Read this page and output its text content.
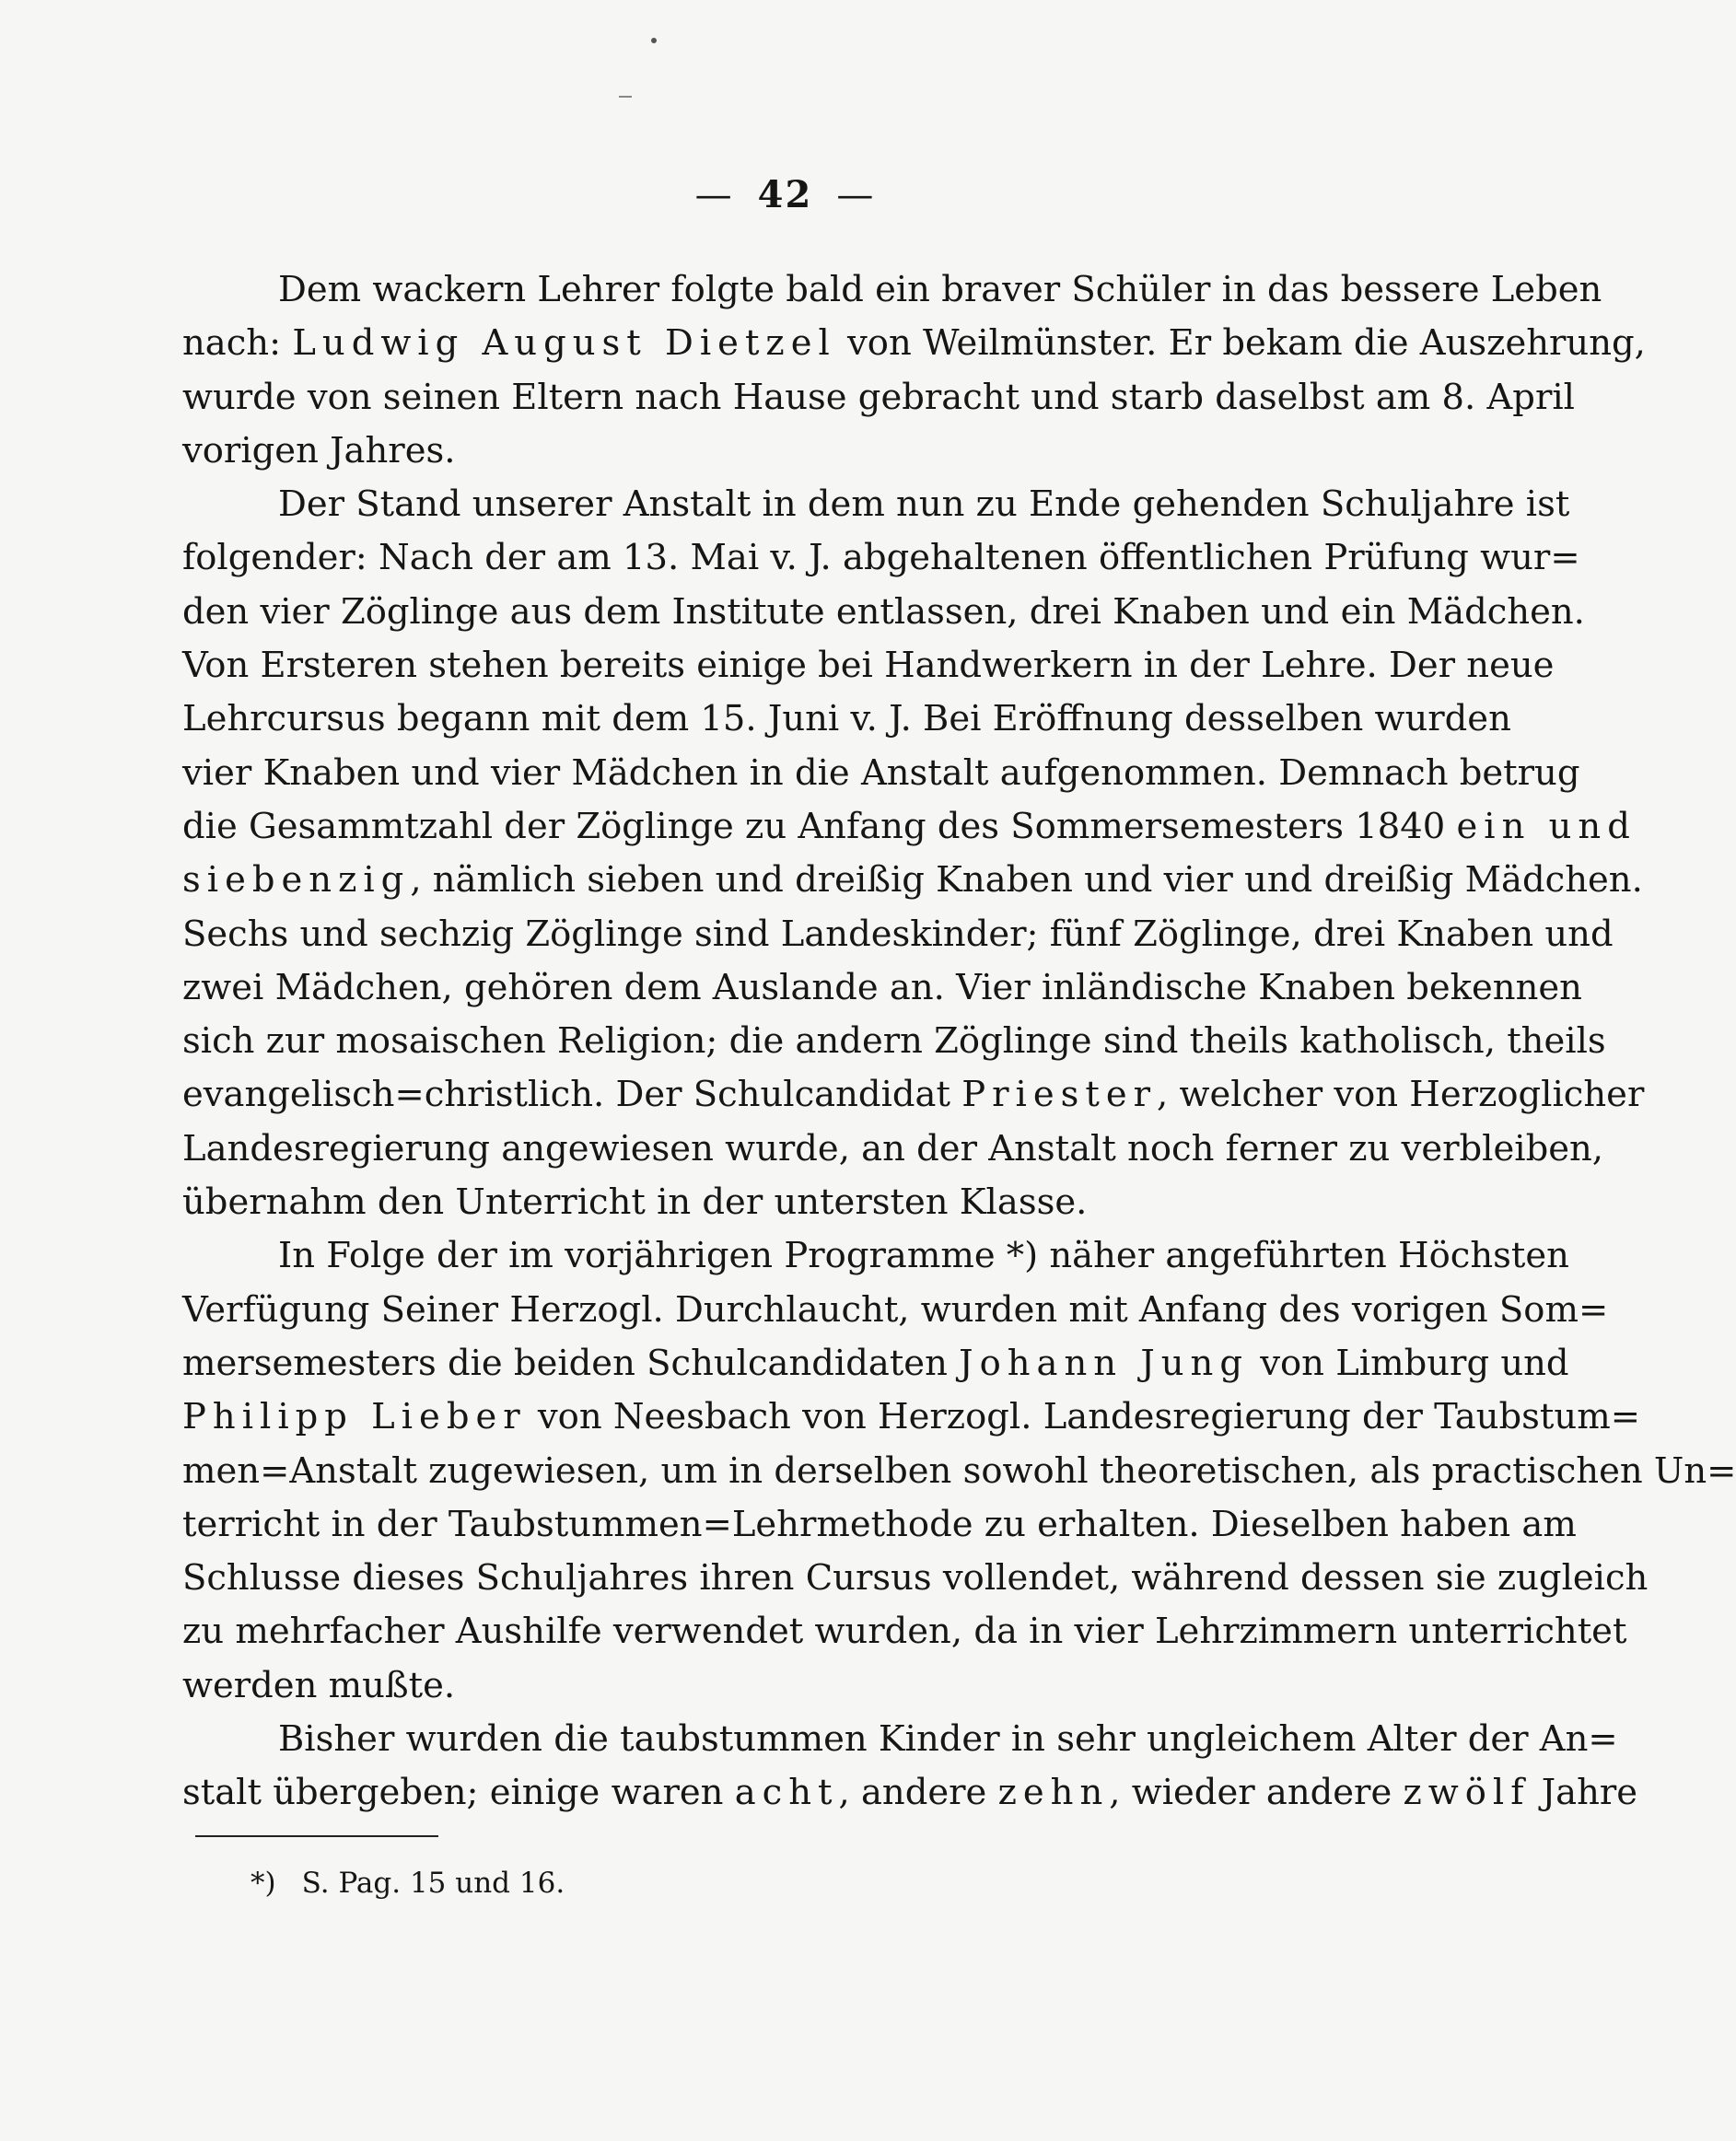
— 42 —
Dem wackern Lehrer folgte bald ein braver Schüler in das bessere Leben
nach: Ludwig August Dietzel von Weilmünster. Er bekam die Auszehrung,
wurde von seinen Eltern nach Hause gebracht und starb daselbst am 8. April
vorigen Jahres.
Der Stand unserer Anstalt in dem nun zu Ende gehenden Schuljahre ist
folgender: Nach der am 13. Mai v. J. abgehaltenen öffentlichen Prüfung wur=
den vier Zöglinge aus dem Institute entlassen, drei Knaben und ein Mädchen.
Von Ersteren stehen bereits einige bei Handwerkern in der Lehre. Der neue
Lehrcursus begann mit dem 15. Juni v. J. Bei Eröffnung desselben wurden
vier Knaben und vier Mädchen in die Anstalt aufgenommen. Demnach betrug
die Gesammtzahl der Zöglinge zu Anfang des Sommersemesters 1840 ein und
siebenzig, nämlich sieben und dreißig Knaben und vier und dreißig Mädchen.
Sechs und sechzig Zöglinge sind Landeskinder; fünf Zöglinge, drei Knaben und
zwei Mädchen, gehören dem Auslande an. Vier inländische Knaben bekennen
sich zur mosaischen Religion; die andern Zöglinge sind theils katholisch, theils
evangelisch=christlich. Der Schulcandidat Priester, welcher von Herzoglicher
Landesregierung angewiesen wurde, an der Anstalt noch ferner zu verbleiben,
übernahm den Unterricht in der untersten Klasse.
In Folge der im vorjährigen Programme *) näher angeführten Höchsten
Verfügung Seiner Herzogl. Durchlaucht, wurden mit Anfang des vorigen Som=
mersemesters die beiden Schulcandidaten Johann Jung von Limburg und
Philipp Lieber von Neesbach von Herzogl. Landesregierung der Taubstum=
men=Anstalt zugewiesen, um in derselben sowohl theoretischen, als practischen Un=
terricht in der Taubstummen=Lehrmethode zu erhalten. Dieselben haben am
Schlusse dieses Schuljahres ihren Cursus vollendet, während dessen sie zugleich
zu mehrfacher Aushilfe verwendet wurden, da in vier Lehrzimmern unterrichtet
werden mußte.
Bisher wurden die taubstummen Kinder in sehr ungleichem Alter der An=
stalt übergeben; einige waren acht, andere zehn, wieder andere zwölf Jahre
*) S. Pag. 15 und 16.
